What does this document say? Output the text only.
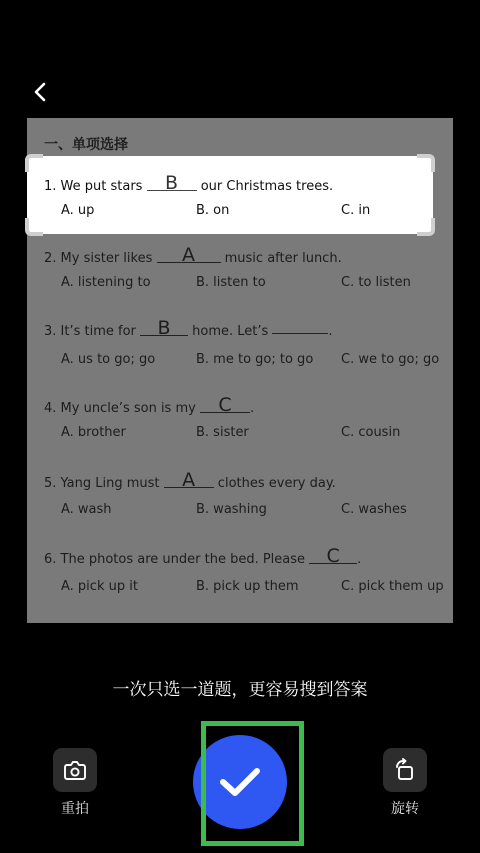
一、单项选择
2. My sister likes A music after lunch.
A. listening to	B. listen to	C. to listen
3. It’s time for B home. Let’s	.
A. us to go; go	B. me to go; to go C. we to go; go
4. My uncle’s son is my C .
A. brother	B. sister	C. cousin
5. Yang Ling must A clothes every day.
A. wash	B. washing	C. washes
6. The photos are under the bed. Please C .
A. pick up it	B. pick up them	C. pick them up
1. We put stars B our Christmas trees.
A. up	B. on	C. in
一次只选一道题，更容易搜到答案
重拍	旋转
